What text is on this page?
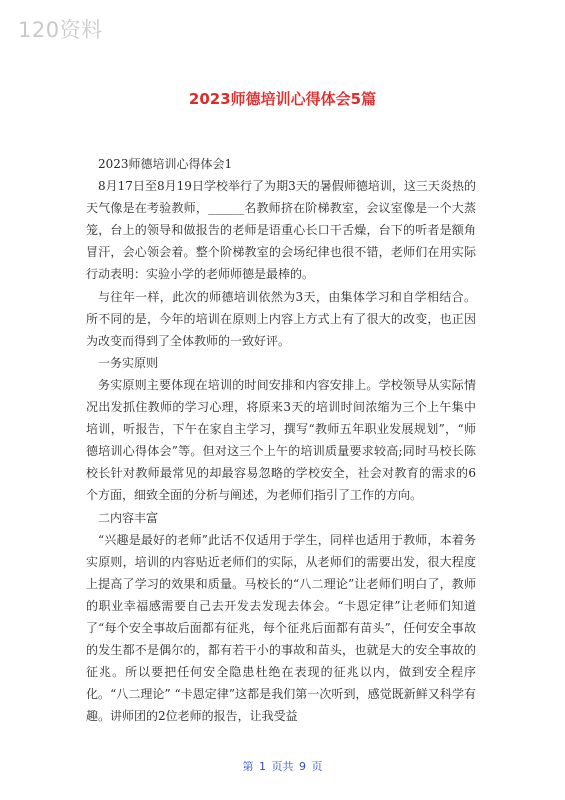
120资料
2023师德培训心得体会5篇

2023师德培训心得体会1

8月17日至8月19日学校举行了为期3天的暑假师德培训，这三天炎热的天气像是在考验教师，______名教师挤在阶梯教室，会议室像是一个大蒸笼，台上的领导和做报告的老师是语重心长口干舌燥，台下的听者是额角冒汗，会心领会着。整个阶梯教室的会场纪律也很不错，老师们在用实际行动表明：实验小学的老师师德是最棒的。

与往年一样，此次的师德培训依然为3天，由集体学习和自学相结合。所不同的是，今年的培训在原则上内容上方式上有了很大的改变，也正因为改变而得到了全体教师的一致好评。

一务实原则

务实原则主要体现在培训的时间安排和内容安排上。学校领导从实际情况出发抓住教师的学习心理，将原来3天的培训时间浓缩为三个上午集中培训，听报告，下午在家自主学习，撰写“教师五年职业发展规划”，“师德培训心得体会”等。但对这三个上午的培训质量要求较高;同时马校长陈校长针对教师最常见的却最容易忽略的学校安全，社会对教育的需求的6个方面，细致全面的分析与阐述，为老师们指引了工作的方向。

二内容丰富

“兴趣是最好的老师”此话不仅适用于学生，同样也适用于教师，本着务实原则，培训的内容贴近老师们的实际，从老师们的需要出发，很大程度上提高了学习的效果和质量。马校长的“八二理论”让老师们明白了，教师的职业幸福感需要自己去开发去发现去体会。“卡恩定律”让老师们知道了“每个安全事故后面都有征兆，每个征兆后面都有苗头”，任何安全事故的发生都不是偶尔的，都有若干小的事故和苗头，也就是大的安全事故的征兆。所以要把任何安全隐患杜绝在表现的征兆以内，做到安全程序化。“八二理论” “卡恩定律”这都是我们第一次听到，感觉既新鲜又科学有趣。讲师团的2位老师的报告，让我受益

第 1 页共 9 页
